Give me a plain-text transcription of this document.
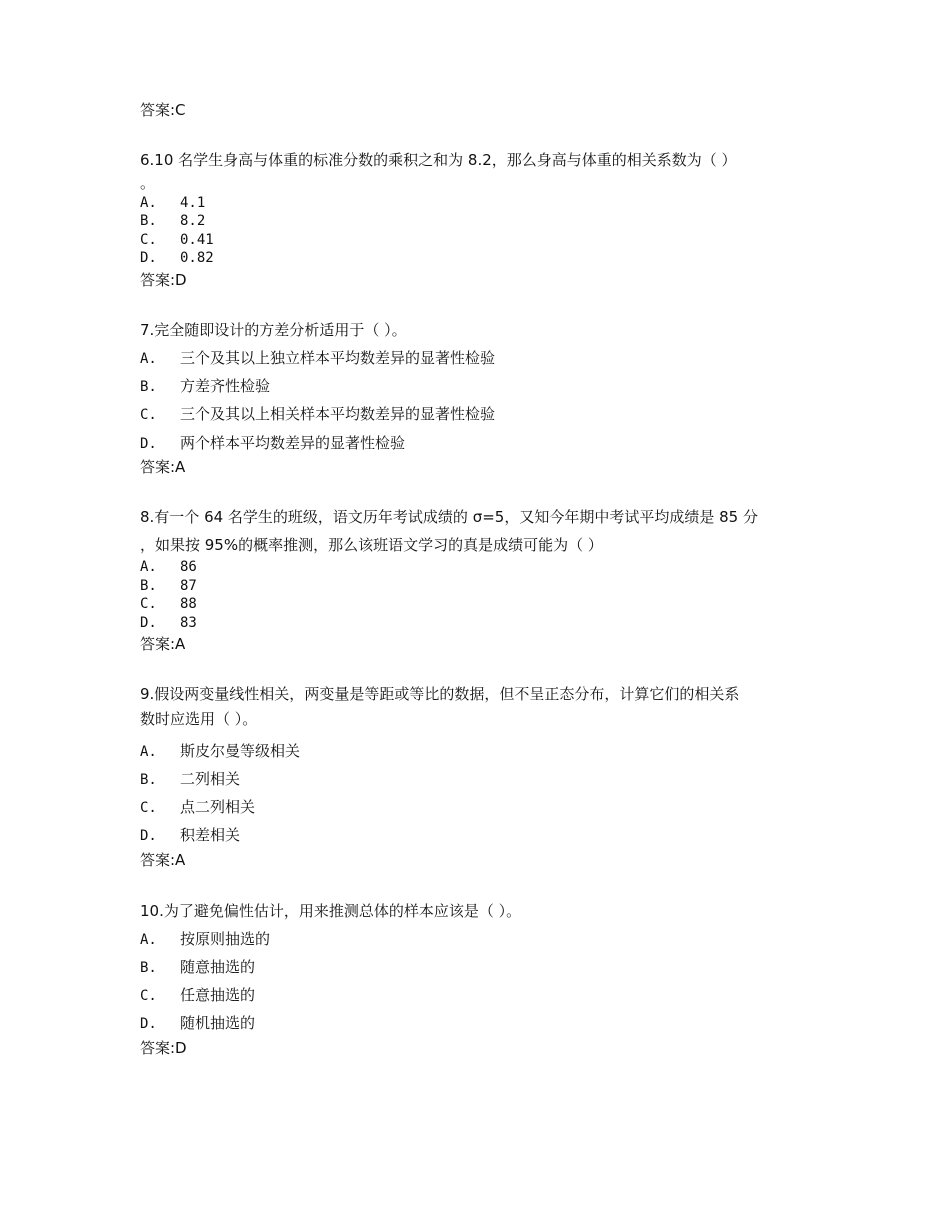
答案:C
6.10 名学生身高与体重的标准分数的乘积之和为 8.2，那么身高与体重的相关系数为（ ）
。
A. 4.1
B. 8.2
C. 0.41
D. 0.82
答案:D
7.完全随即设计的方差分析适用于（ ）。
A. 三个及其以上独立样本平均数差异的显著性检验
B. 方差齐性检验
C. 三个及其以上相关样本平均数差异的显著性检验
D. 两个样本平均数差异的显著性检验
答案:A
8.有一个 64 名学生的班级，语文历年考试成绩的 σ=5，又知今年期中考试平均成绩是 85 分
，如果按 95%的概率推测，那么该班语文学习的真是成绩可能为（ ）
A. 86
B. 87
C. 88
D. 83
答案:A
9.假设两变量线性相关，两变量是等距或等比的数据，但不呈正态分布，计算它们的相关系
数时应选用（ ）。
A. 斯皮尔曼等级相关
B. 二列相关
C. 点二列相关
D. 积差相关
答案:A
10.为了避免偏性估计，用来推测总体的样本应该是（ ）。
A. 按原则抽选的
B. 随意抽选的
C. 任意抽选的
D. 随机抽选的
答案:D
